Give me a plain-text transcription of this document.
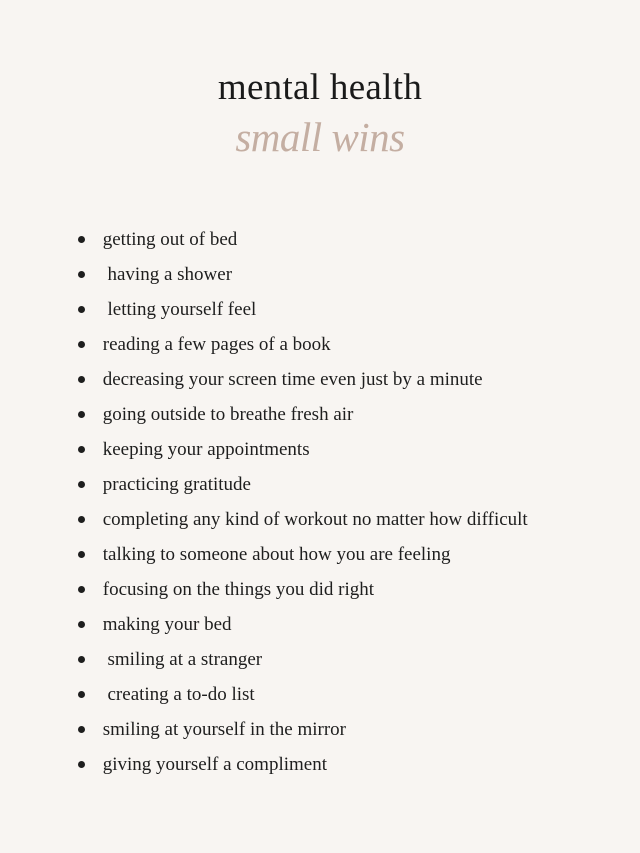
mental health
small wins
getting out of bed
having a shower
letting yourself feel
reading a few pages of a book
decreasing your screen time even just by a minute
going outside to breathe fresh air
keeping your appointments
practicing gratitude
completing any kind of workout no matter how difficult
talking to someone about how you are feeling
focusing on the things you did right
making your bed
smiling at a stranger
creating a to-do list
smiling at yourself in the mirror
giving yourself a compliment
